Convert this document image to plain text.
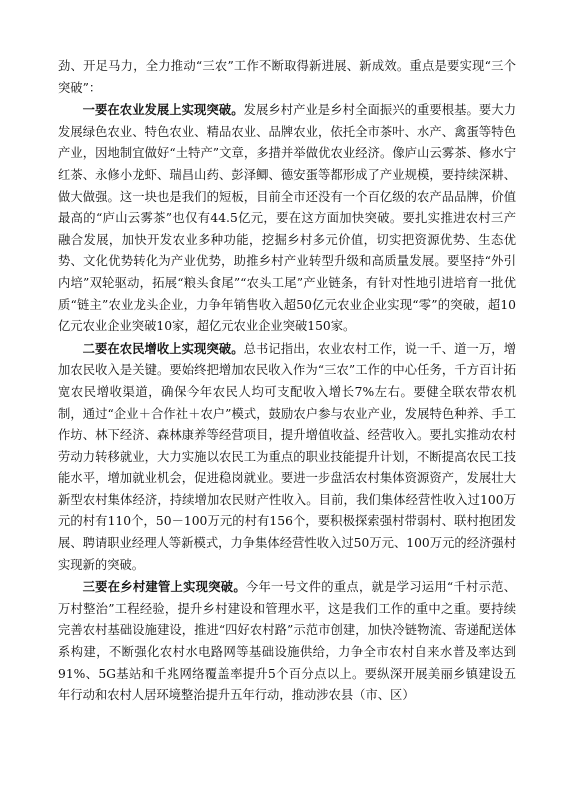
劲、开足马力，全力推动“三农”工作不断取得新进展、新成效。重点是要实现“三个突破”：

一要在农业发展上实现突破。发展乡村产业是乡村全面振兴的重要根基。要大力发展绿色农业、特色农业、精品农业、品牌农业，依托全市茶叶、水产、禽蛋等特色产业，因地制宜做好“土特产”文章，多措并举做优农业经济。像庐山云雾茶、修水宁红茶、永修小龙虾、瑞昌山药、彭泽鲫、德安蛋等都形成了产业规模，要持续深耕、做大做强。这一块也是我们的短板，目前全市还没有一个百亿级的农产品品牌，价值最高的“庐山云雾茶”也仅有44.5亿元，要在这方面加快突破。要扎实推进农村三产融合发展，加快开发农业多种功能，挖掘乡村多元价值，切实把资源优势、生态优势、文化优势转化为产业优势，助推乡村产业转型升级和高质量发展。要坚持“外引内培”双轮驱动，拓展“粮头食尾”“农头工尾”产业链条，有针对性地引进培育一批优质“链主”农业龙头企业，力争年销售收入超50亿元农业企业实现“零”的突破，超10亿元农业企业突破10家，超亿元农业企业突破150家。

二要在农民增收上实现突破。总书记指出，农业农村工作，说一千、道一万，增加农民收入是关键。要始终把增加农民收入作为“三农”工作的中心任务，千方百计拓宽农民增收渠道，确保今年农民人均可支配收入增长7%左右。要健全联农带农机制，通过“企业＋合作社＋农户”模式，鼓励农户参与农业产业，发展特色种养、手工作坊、林下经济、森林康养等经营项目，提升增值收益、经营收入。要扎实推动农村劳动力转移就业，大力实施以农民工为重点的职业技能提升计划，不断提高农民工技能水平，增加就业机会，促进稳岗就业。要进一步盘活农村集体资源资产，发展壮大新型农村集体经济，持续增加农民财产性收入。目前，我们集体经营性收入过100万元的村有110个，50－100万元的村有156个，要积极探索强村带弱村、联村抱团发展、聘请职业经理人等新模式，力争集体经营性收入过50万元、100万元的经济强村实现新的突破。

三要在乡村建管上实现突破。今年一号文件的重点，就是学习运用“千村示范、万村整治”工程经验，提升乡村建设和管理水平，这是我们工作的重中之重。要持续完善农村基础设施建设，推进“四好农村路”示范市创建，加快冷链物流、寄递配送体系构建，不断强化农村水电路网等基础设施供给，力争全市农村自来水普及率达到91%、5G基站和千兆网络覆盖率提升5个百分点以上。要纵深开展美丽乡镇建设五年行动和农村人居环境整治提升五年行动，推动涉农县（市、区）
